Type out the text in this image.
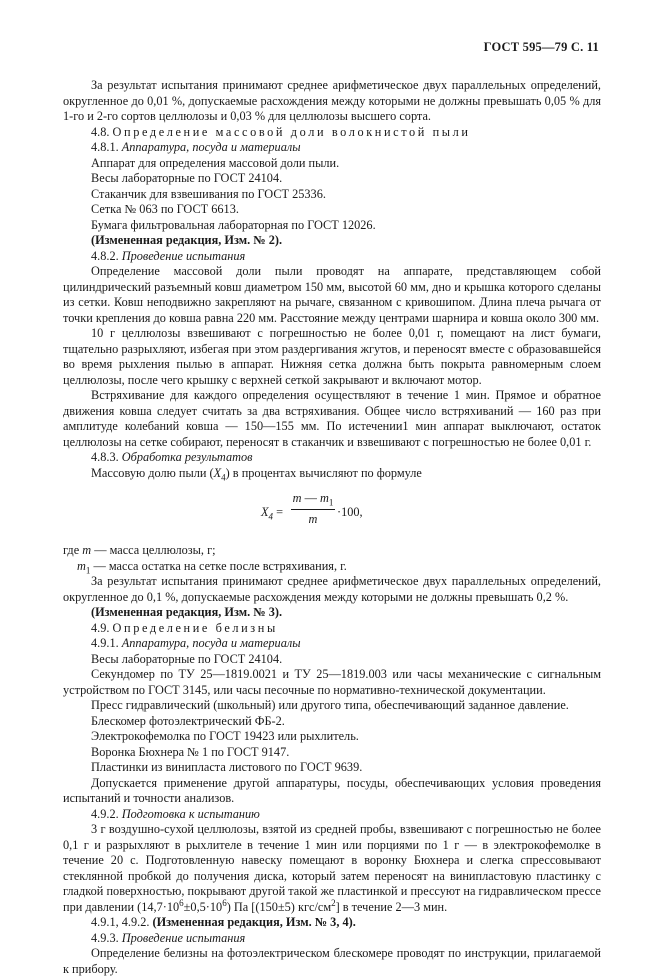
ГОСТ 595—79 С. 11

За результат испытания принимают среднее арифметическое двух параллельных определений, округленное до 0,01 %, допускаемые расхождения между которыми не должны превышать 0,05 % для 1-го и 2-го сортов целлюлозы и 0,03 % для целлюлозы высшего сорта.

4.8. Определение массовой доли волокнистой пыли

4.8.1. Аппаратура, посуда и материалы

Аппарат для определения массовой доли пыли.

Весы лабораторные по ГОСТ 24104.

Стаканчик для взвешивания по ГОСТ 25336.

Сетка № 063 по ГОСТ 6613.

Бумага фильтровальная лабораторная по ГОСТ 12026.

(Измененная редакция, Изм. № 2).

4.8.2. Проведение испытания

Определение массовой доли пыли проводят на аппарате, представляющем собой цилиндрический разъемный ковш диаметром 150 мм, высотой 60 мм, дно и крышка которого сделаны из сетки. Ковш неподвижно закрепляют на рычаге, связанном с кривошипом. Длина плеча рычага от точки крепления до ковша равна 220 мм. Расстояние между центрами шарнира и ковша около 300 мм.

10 г целлюлозы взвешивают с погрешностью не более 0,01 г, помещают на лист бумаги, тщательно разрыхляют, избегая при этом раздергивания жгутов, и переносят вместе с образовавшейся во время рыхления пылью в аппарат. Нижняя сетка должна быть покрыта равномерным слоем целлюлозы, после чего крышку с верхней сеткой закрывают и включают мотор.

Встряхивание для каждого определения осуществляют в течение 1 мин. Прямое и обратное движения ковша следует считать за два встряхивания. Общее число встряхиваний — 160 раз при амплитуде колебаний ковша — 150—155 мм. По истечении1 мин аппарат выключают, остаток целлюлозы на сетке собирают, переносят в стаканчик и взвешивают с погрешностью не более 0,01 г.

4.8.3. Обработка результатов

Массовую долю пыли $(X_4)$ в процентах вычисляют по формуле

$X_4 = \frac{m — m_1}{m} \cdot 100$,

где m — масса целлюлозы, г;

$m_1$ — масса остатка на сетке после встряхивания, г.

За результат испытания принимают среднее арифметическое двух параллельных определений, округленное до 0,1 %, допускаемые расхождения между которыми не должны превышать 0,2 %.

(Измененная редакция, Изм. № 3).

4.9. Определение белизны

4.9.1. Аппаратура, посуда и материалы

Весы лабораторные по ГОСТ 24104.

Секундомер по ТУ 25—1819.0021 и ТУ 25—1819.003 или часы механические с сигнальным устройством по ГОСТ 3145, или часы песочные по нормативно-технической документации.

Пресс гидравлический (школьный) или другого типа, обеспечивающий заданное давление.

Блескомер фотоэлектрический ФБ-2.

Электрокофемолка по ГОСТ 19423 или рыхлитель.

Воронка Бюхнера № 1 по ГОСТ 9147.

Пластинки из винипласта листового по ГОСТ 9639.

Допускается применение другой аппаратуры, посуды, обеспечивающих условия проведения испытаний и точности анализов.

4.9.2. Подготовка к испытанию

3 г воздушно-сухой целлюлозы, взятой из средней пробы, взвешивают с погрешностью не более 0,1 г и разрыхляют в рыхлителе в течение 1 мин или порциями по 1 г — в электрокофемолке в течение 20 с. Подготовленную навеску помещают в воронку Бюхнера и слегка спрессовывают стеклянной пробкой до получения диска, который затем переносят на винипластовую пластинку с гладкой поверхностью, покрывают другой такой же пластинкой и прессуют на гидравлическом прессе при давлении $(14,7\cdot 10^6\pm 0,5\cdot 10^6)$ Па [(150±5) кгс/$см^2$] в течение 2—3 мин.

4.9.1, 4.9.2. (Измененная редакция, Изм. № 3, 4).

4.9.3. Проведение испытания

Определение белизны на фотоэлектрическом блескомере проводят по инструкции, прилагаемой к прибору.
